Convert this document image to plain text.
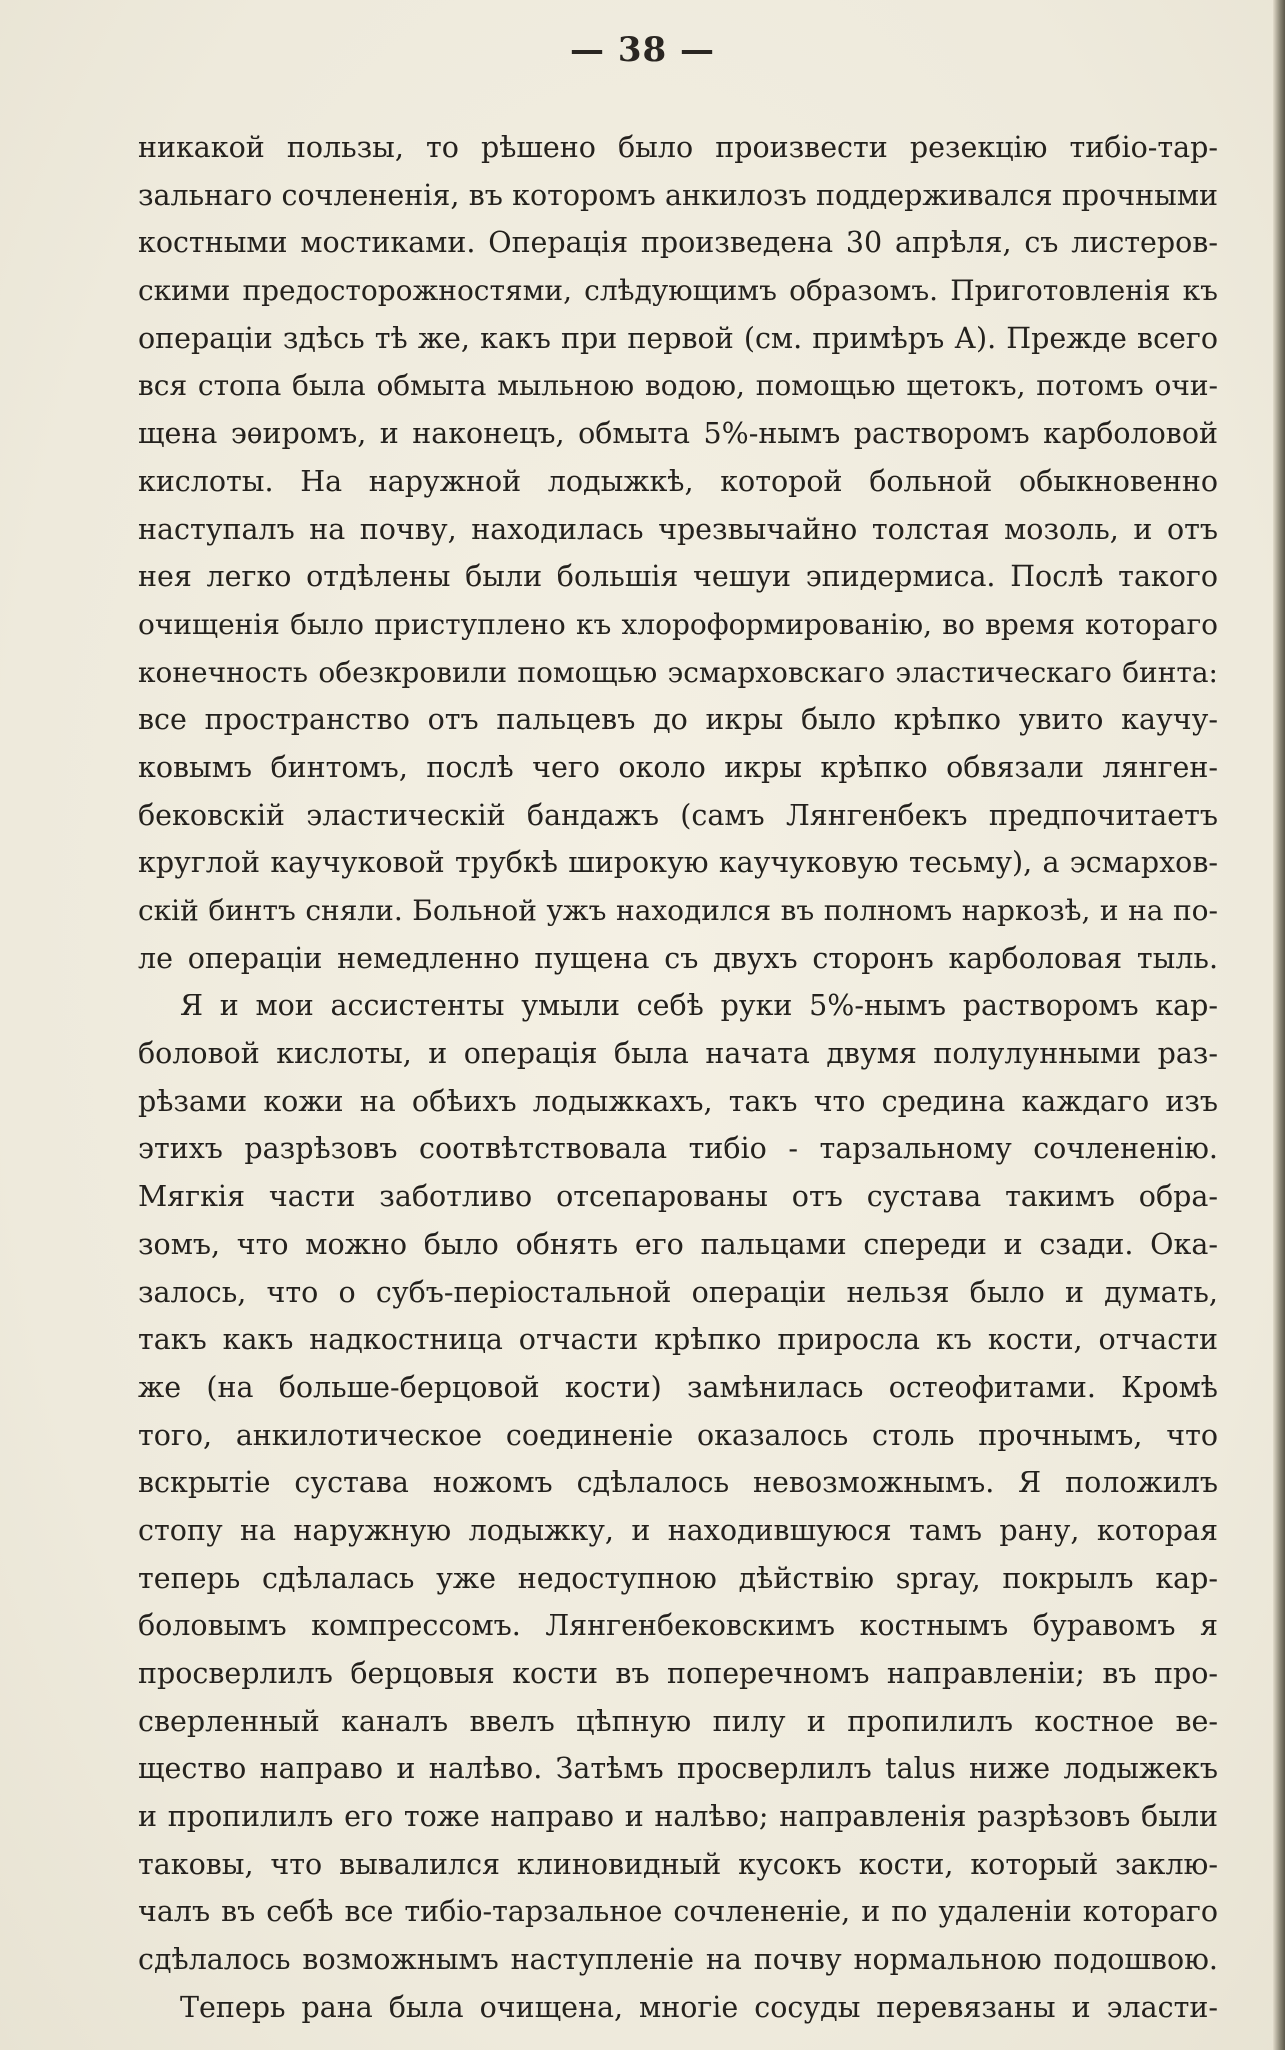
— 38 —
никакой пользы, то рѣшено было произвести резекцію тибіо-тар-
зальнаго сочлененія, въ которомъ анкилозъ поддерживался прочными
костными мостиками. Операція произведена 30 апрѣля, съ листеров-
скими предосторожностями, слѣдующимъ образомъ. Приготовленія къ
операціи здѣсь тѣ же, какъ при первой (см. примѣръ А). Прежде всего
вся стопа была обмыта мыльною водою, помощью щетокъ, потомъ очи-
щена эѳиромъ, и наконецъ, обмыта 5%-нымъ растворомъ карболовой
кислоты. На наружной лодыжкѣ, которой больной обыкновенно
наступалъ на почву, находилась чрезвычайно толстая мозоль, и отъ
нея легко отдѣлены были большія чешуи эпидермиса. Послѣ такого
очищенія было приступлено къ хлороформированію, во время котораго
конечность обезкровили помощью эсмарховскаго эластическаго бинта:
все пространство отъ пальцевъ до икры было крѣпко увито каучу-
ковымъ бинтомъ, послѣ чего около икры крѣпко обвязали лянген-
бековскій эластическій бандажъ (самъ Лянгенбекъ предпочитаетъ
круглой каучуковой трубкѣ широкую каучуковую тесьму), а эсмархов-
скій бинтъ сняли. Больной ужъ находился въ полномъ наркозѣ, и на по-
ле операціи немедленно пущена съ двухъ сторонъ карболовая тыль.
Я и мои ассистенты умыли себѣ руки 5%-нымъ растворомъ кар-
боловой кислоты, и операція была начата двумя полулунными раз-
рѣзами кожи на обѣихъ лодыжкахъ, такъ что средина каждаго изъ
этихъ разрѣзовъ соотвѣтствовала тибіо - тарзальному сочлененію.
Мягкія части заботливо отсепарованы отъ сустава такимъ обра-
зомъ, что можно было обнять его пальцами спереди и сзади. Ока-
залось, что о субъ-періостальной операціи нельзя было и думать,
такъ какъ надкостница отчасти крѣпко приросла къ кости, отчасти
же (на больше-берцовой кости) замѣнилась остеофитами. Кромѣ
того, анкилотическое соединеніе оказалось столь прочнымъ, что
вскрытіе сустава ножомъ сдѣлалось невозможнымъ. Я положилъ
стопу на наружную лодыжку, и находившуюся тамъ рану, которая
теперь сдѣлалась уже недоступною дѣйствію spray, покрылъ кар-
боловымъ компрессомъ. Лянгенбековскимъ костнымъ буравомъ я
просверлилъ берцовыя кости въ поперечномъ направленіи; въ про-
сверленный каналъ ввелъ цѣпную пилу и пропилилъ костное ве-
щество направо и налѣво. Затѣмъ просверлилъ talus ниже лодыжекъ
и пропилилъ его тоже направо и налѣво; направленія разрѣзовъ были
таковы, что вывалился клиновидный кусокъ кости, который заклю-
чалъ въ себѣ все тибіо-тарзальное сочлененіе, и по удаленіи котораго
сдѣлалось возможнымъ наступленіе на почву нормальною подошвою.
Теперь рана была очищена, многіе сосуды перевязаны и эласти-
